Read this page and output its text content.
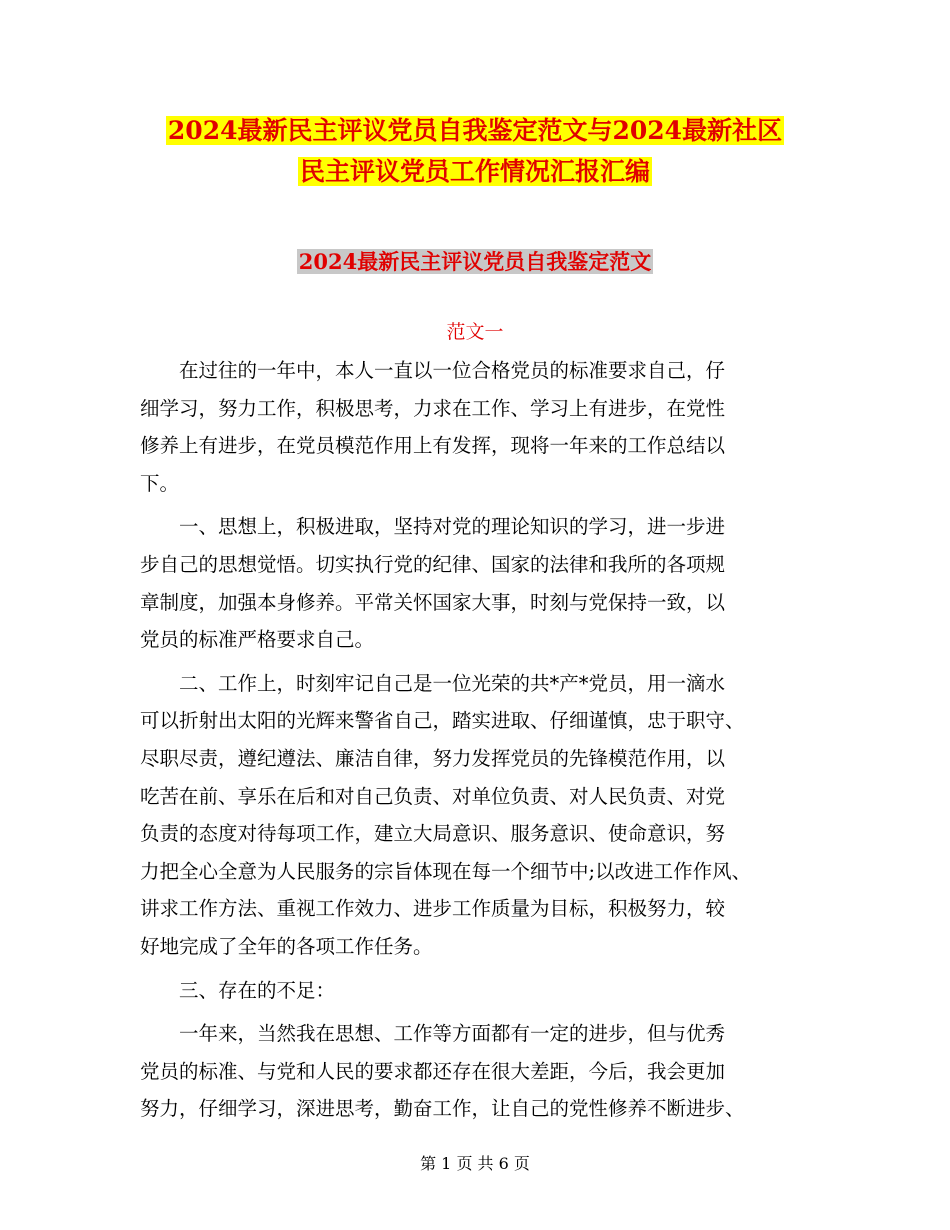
2024最新民主评议党员自我鉴定范文与2024最新社区
民主评议党员工作情况汇报汇编
2024最新民主评议党员自我鉴定范文
范文一
在过往的一年中，本人一直以一位合格党员的标准要求自己，仔
细学习，努力工作，积极思考，力求在工作、学习上有进步，在党性
修养上有进步，在党员模范作用上有发挥，现将一年来的工作总结以
下。
一、思想上，积极进取，坚持对党的理论知识的学习，进一步进
步自己的思想觉悟。切实执行党的纪律、国家的法律和我所的各项规
章制度，加强本身修养。平常关怀国家大事，时刻与党保持一致，以
党员的标准严格要求自己。
二、工作上，时刻牢记自己是一位光荣的共*产*党员，用一滴水
可以折射出太阳的光辉来警省自己，踏实进取、仔细谨慎，忠于职守、
尽职尽责，遵纪遵法、廉洁自律，努力发挥党员的先锋模范作用，以
吃苦在前、享乐在后和对自己负责、对单位负责、对人民负责、对党
负责的态度对待每项工作，建立大局意识、服务意识、使命意识，努
力把全心全意为人民服务的宗旨体现在每一个细节中;以改进工作作风、
讲求工作方法、重视工作效力、进步工作质量为目标，积极努力，较
好地完成了全年的各项工作任务。
三、存在的不足：
一年来，当然我在思想、工作等方面都有一定的进步，但与优秀
党员的标准、与党和人民的要求都还存在很大差距，今后，我会更加
努力，仔细学习，深进思考，勤奋工作，让自己的党性修养不断进步、
第 1 页 共 6 页
